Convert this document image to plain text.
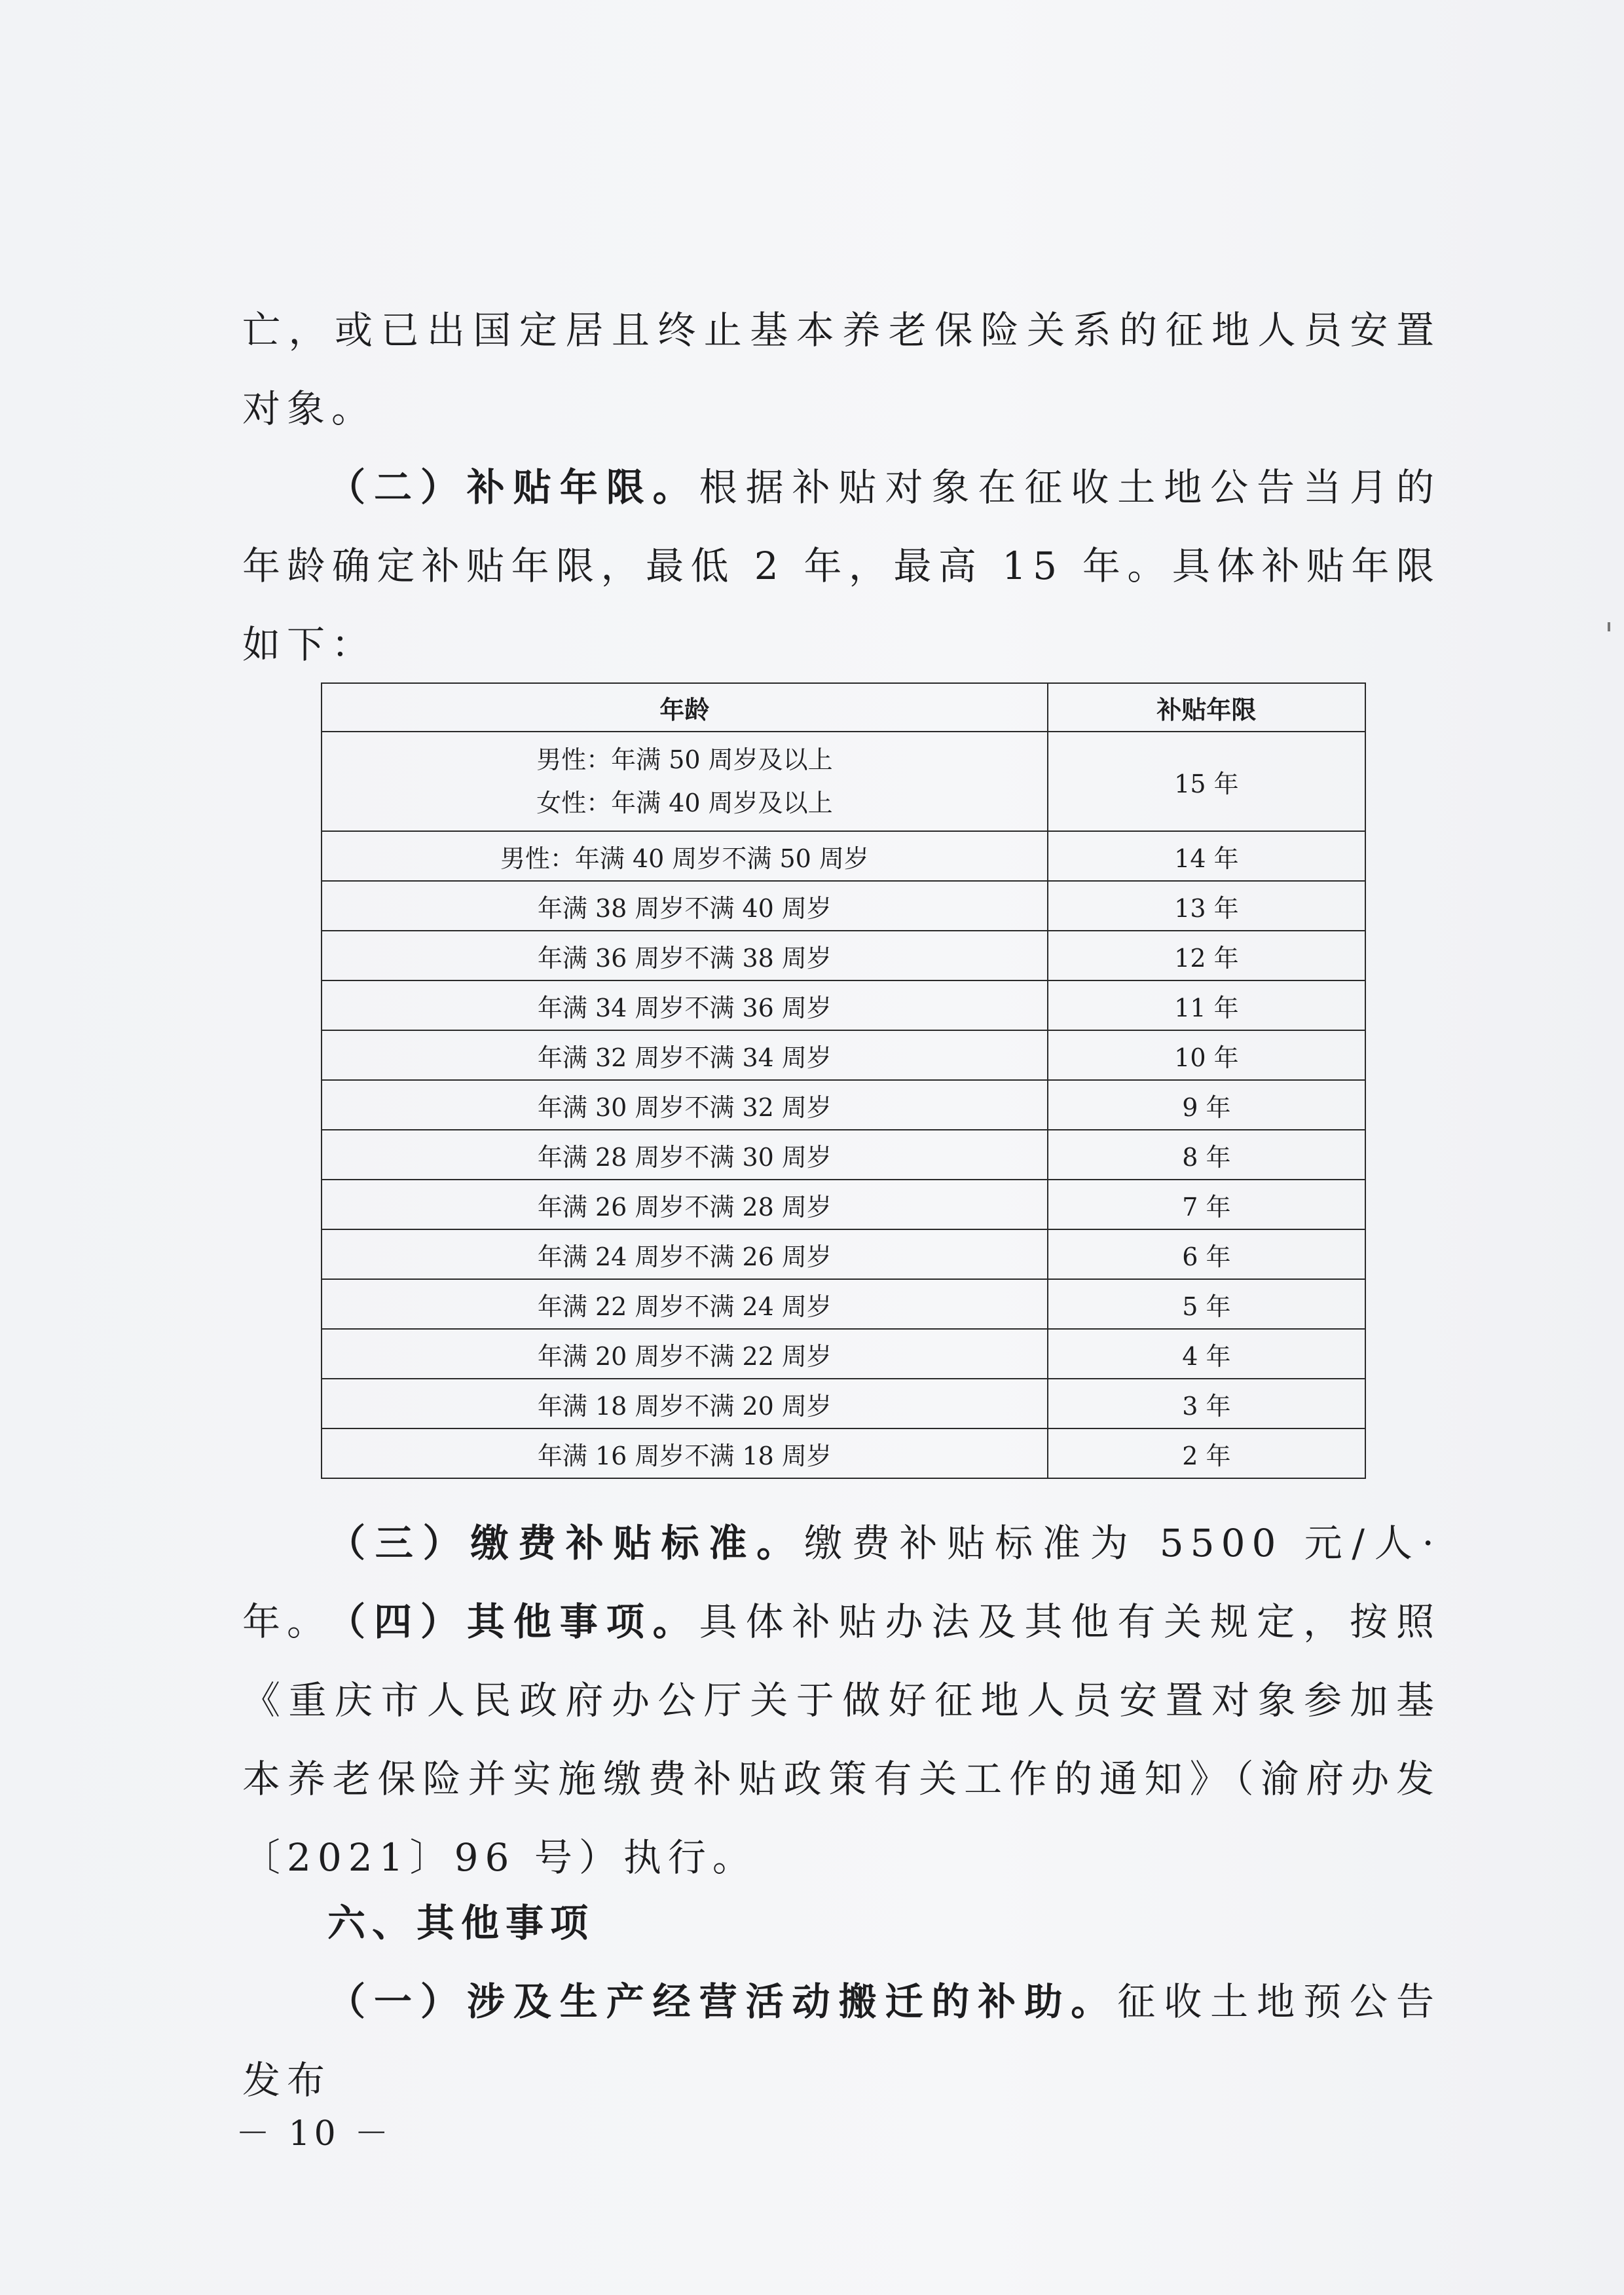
亡，或已出国定居且终止基本养老保险关系的征地人员安置对象。

（二）补贴年限。根据补贴对象在征收土地公告当月的年龄确定补贴年限，最低 2 年，最高 15 年。具体补贴年限如下：

年龄	补贴年限

男性：年满 50 周岁及以上
女性：年满 40 周岁及以上	15 年
男性：年满 40 周岁不满 50 周岁	14 年
年满 38 周岁不满 40 周岁	13 年
年满 36 周岁不满 38 周岁	12 年
年满 34 周岁不满 36 周岁	11 年
年满 32 周岁不满 34 周岁	10 年
年满 30 周岁不满 32 周岁	9 年
年满 28 周岁不满 30 周岁	8 年
年满 26 周岁不满 28 周岁	7 年
年满 24 周岁不满 26 周岁	6 年
年满 22 周岁不满 24 周岁	5 年
年满 20 周岁不满 22 周岁	4 年
年满 18 周岁不满 20 周岁	3 年
年满 16 周岁不满 18 周岁	2 年

（三）缴费补贴标准。缴费补贴标准为 5500 元/人·年。

（四）其他事项。具体补贴办法及其他有关规定，按照《重庆市人民政府办公厅关于做好征地人员安置对象参加基本养老保险并实施缴费补贴政策有关工作的通知》（渝府办发〔2021〕96 号）执行。

六、其他事项

（一）涉及生产经营活动搬迁的补助。征收土地预公告发布

－ 10 －
